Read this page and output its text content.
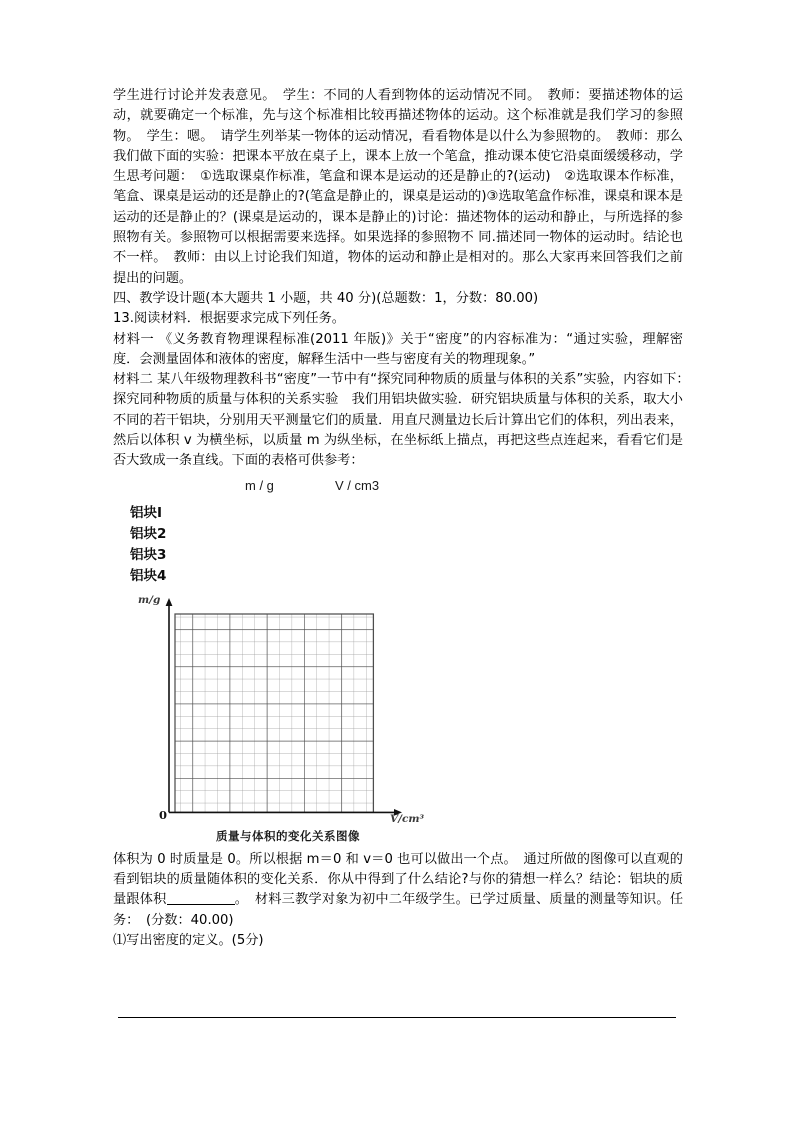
学生进行讨论并发表意见。　学生：不同的人看到物体的运动情况不同。　教师：要描述物体的运动，就要确定一个标准，先与这个标准相比较再描述物体的运动。这个标准就是我们学习的参照物。　学生：嗯。　请学生列举某一物体的运动情况，看看物体是以什么为参照物的。　教师：那么我们做下面的实验：把课本平放在桌子上，课本上放一个笔盒，推动课本使它沿桌面缓缓移动，学生思考问题：　①选取课桌作标准，笔盒和课本是运动的还是静止的?(运动)　②选取课本作标准，笔盒、课桌是运动的还是静止的?(笔盒是静止的，课桌是运动的)③选取笔盒作标准，课桌和课本是运动的还是静止的？(课桌是运动的，课本是静止的)讨论：描述物体的运动和静止，与所选择的参照物有关。参照物可以根据需要来选择。如果选择的参照物不 同.描述同一物体的运动时。结论也不一样。　教师：由以上讨论我们知道，物体的运动和静止是相对的。那么大家再来回答我们之前提出的问题。

四、教学设计题(本大题共 1 小题，共 40 分)(总题数：1，分数：80.00)

13.阅读材料．根据要求完成下列任务。

材料一 《义务教育物理课程标准(2011 年版)》关于“密度”的内容标准为：“通过实验，理解密度．会测量固体和液体的密度，解释生活中一些与密度有关的物理现象。”

材料二 某八年级物理教科书“密度”一节中有“探究同种物质的质量与体积的关系”实验，内容如下：　探究同种物质的质量与体积的关系实验　我们用铝块做实验．研究铝块质量与体积的关系，取大小不同的若干铝块，分别用天平测量它们的质量．用直尺测量边长后计算出它们的体积，列出表来，然后以体积 v 为横坐标，以质量 m 为纵坐标，在坐标纸上描点，再把这些点连起来，看看它们是否大致成一条直线。下面的表格可供参考：

m / g	V / cm3
铝块I
铝块2
铝块3
铝块4
m/g
0	V/cm³
质量与体积的变化关系图像

体积为 0 时质量是 0。所以根据 m＝0 和 v＝0 也可以做出一个点。　通过所做的图像可以直观的看到铝块的质量随体积的变化关系．你从中得到了什么结论?与你的猜想一样么？结论：铝块的质量跟体积	。　材料三教学对象为初中二年级学生。已学过质量、质量的测量等知识。任务：　(分数：40.00)

⑴写出密度的定义。(5分)
